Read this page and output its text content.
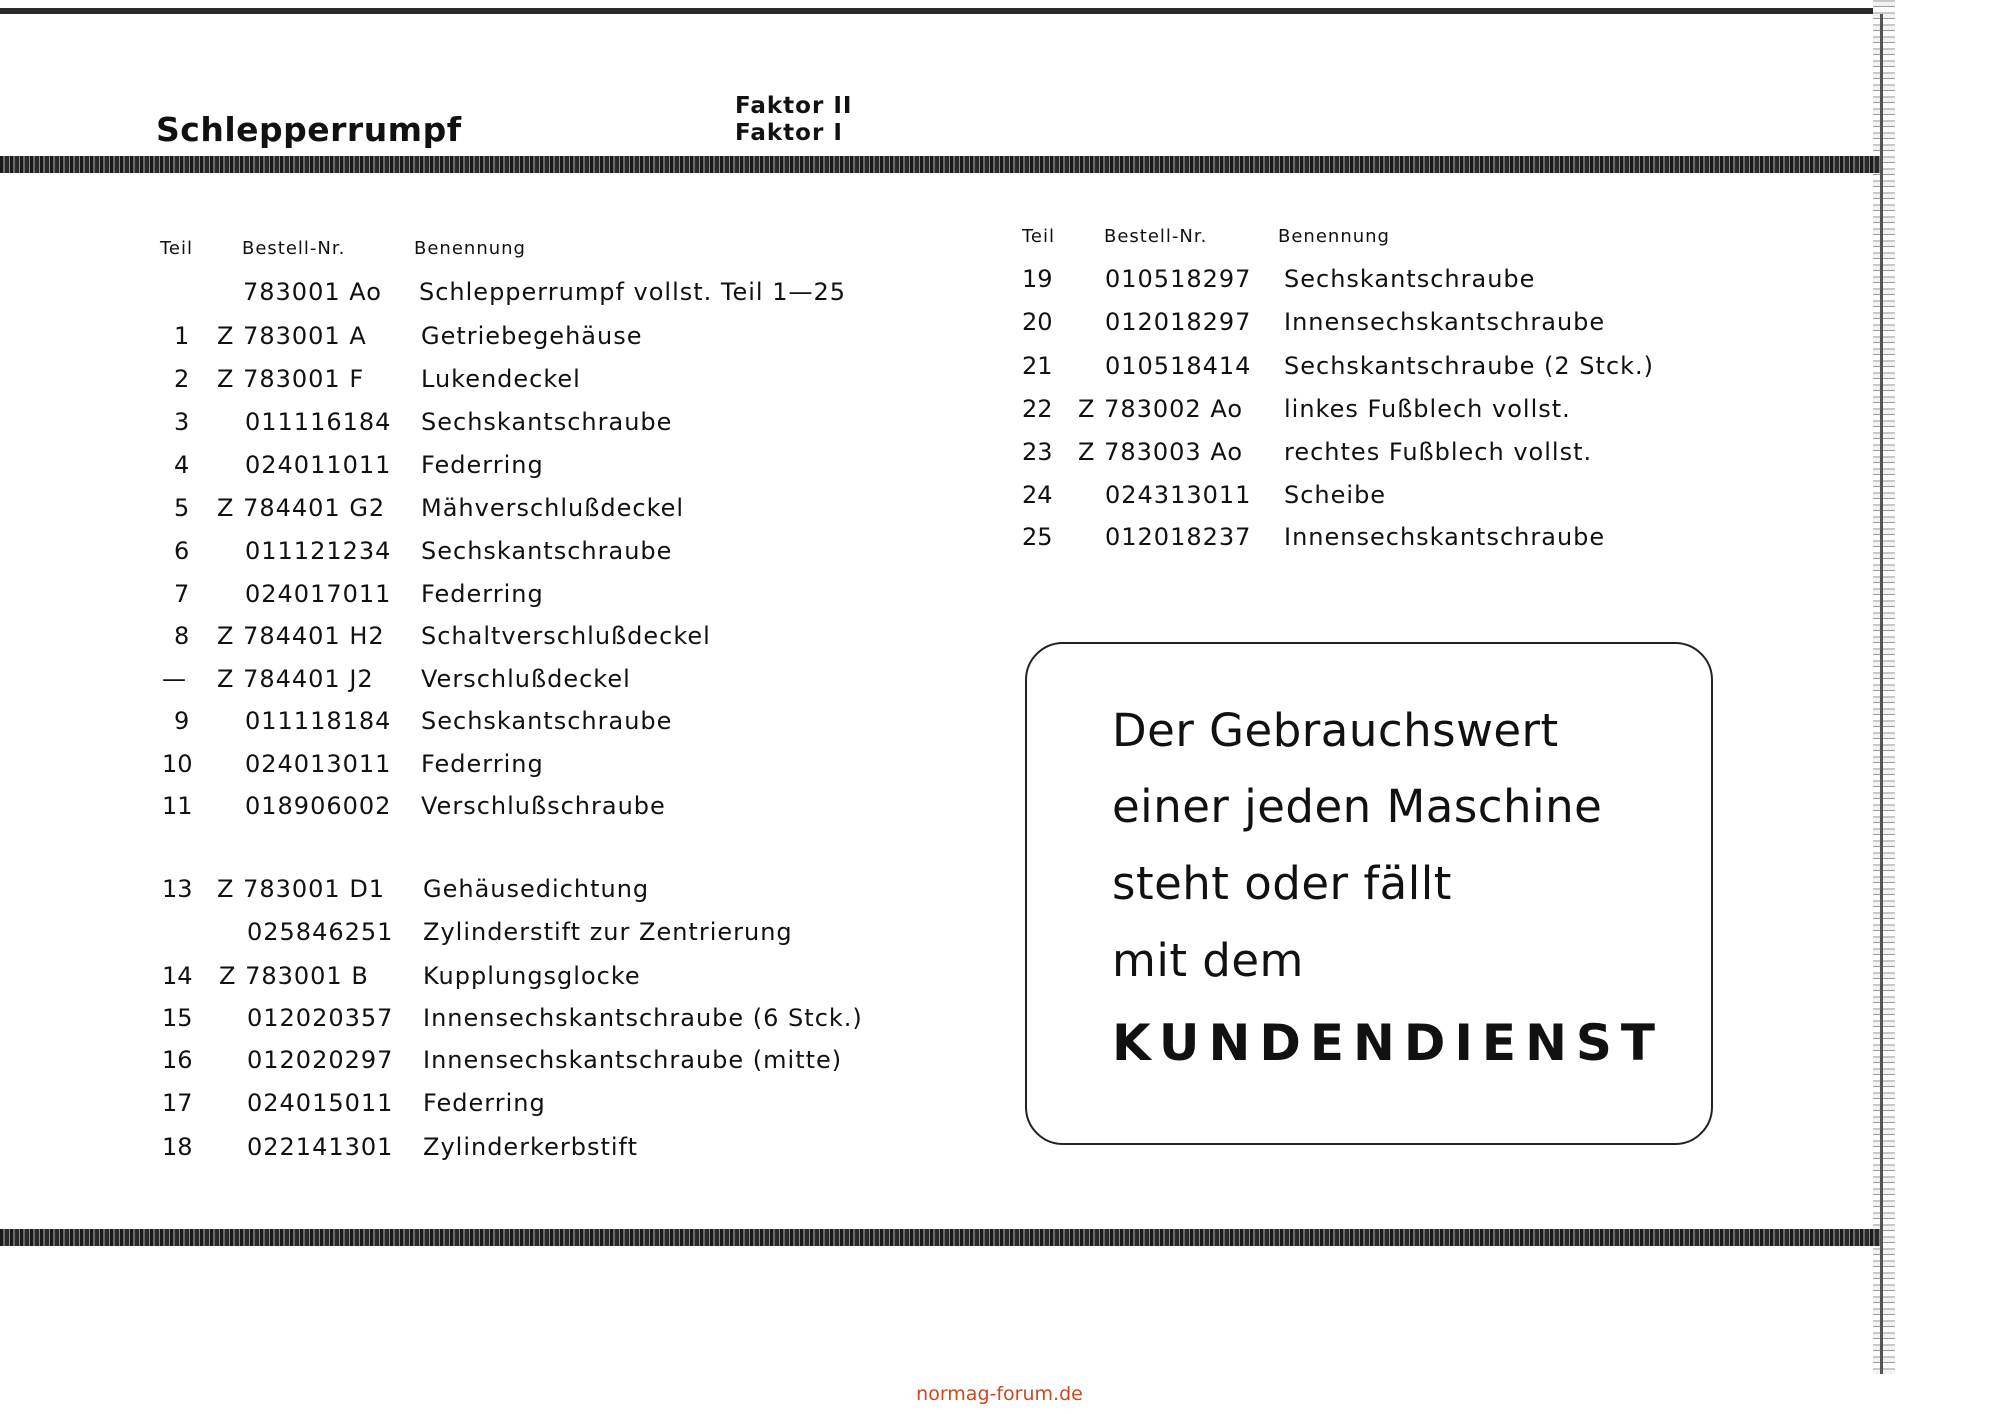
Schlepperrumpf
Faktor II
Faktor I
Teil	Bestell-Nr.	Benennung
783001 Ao Schlepperrumpf vollst. Teil 1—25
1 Z 783001 A Getriebegehäuse
2 Z 783001 F Lukendeckel
3 011116184 Sechskantschraube
4 024011011 Federring
5 Z 784401 G2 Mähverschlußdeckel
6 011121234 Sechskantschraube
7 024017011 Federring
8 Z 784401 H2 Schaltverschlußdeckel
— Z 784401 J2 Verschlußdeckel
9 011118184 Sechskantschraube
10 024013011 Federring
11 018906002 Verschlußschraube
13 Z 783001 D1 Gehäusedichtung
025846251 Zylinderstift zur Zentrierung
14 Z 783001 B Kupplungsglocke
15 012020357 Innensechskantschraube (6 Stck.)
16 012020297 Innensechskantschraube (mitte)
17 024015011 Federring
18 022141301 Zylinderkerbstift
Teil	Bestell-Nr.	Benennung
19 010518297 Sechskantschraube
20 012018297 Innensechskantschraube
21 010518414 Sechskantschraube (2 Stck.)
22 Z 783002 Ao linkes Fußblech vollst.
23 Z 783003 Ao rechtes Fußblech vollst.
24 024313011 Scheibe
25 012018237 Innensechskantschraube
Der Gebrauchswert
einer jeden Maschine
steht oder fällt
mit dem
KUNDENDIENST
normag-forum.de
